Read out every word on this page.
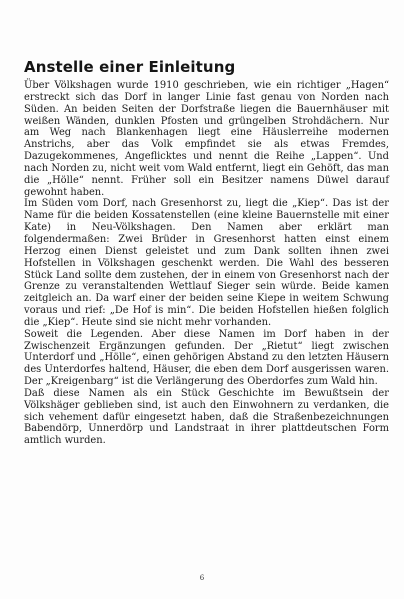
Anstelle einer Einleitung

Über Völkshagen wurde 1910 geschrieben, wie ein richtiger „Hagen“ erstreckt sich das Dorf in langer Linie fast genau von Norden nach Süden. An beiden Seiten der Dorfstraße liegen die Bauernhäuser mit weißen Wänden, dunklen Pfosten und grüngelben Strohdächern. Nur am Weg nach Blankenhagen liegt eine Häuslerreihe modernen Anstrichs, aber das Volk empfindet sie als etwas Fremdes, Dazugekommenes, Angeflicktes und nennt die Reihe „Lappen“. Und nach Norden zu, nicht weit vom Wald entfernt, liegt ein Gehöft, das man die „Hölle“ nennt. Früher soll ein Besitzer namens Düwel darauf gewohnt haben.

Im Süden vom Dorf, nach Gresenhorst zu, liegt die „Kiep“. Das ist der Name für die beiden Kossatenstellen (eine kleine Bauernstelle mit einer Kate) in Neu-Völkshagen. Den Namen aber erklärt man folgendermaßen: Zwei Brüder in Gresenhorst hatten einst einem Herzog einen Dienst geleistet und zum Dank sollten ihnen zwei Hofstellen in Völkshagen geschenkt werden. Die Wahl des besseren Stück Land sollte dem zustehen, der in einem von Gresenhorst nach der Grenze zu veranstaltenden Wettlauf Sieger sein würde. Beide kamen zeitgleich an. Da warf einer der beiden seine Kiepe in weitem Schwung voraus und rief: „De Hof is min“. Die beiden Hofstellen hießen folglich die „Kiep“. Heute sind sie nicht mehr vorhanden.

Soweit die Legenden. Aber diese Namen im Dorf haben in der Zwischenzeit Ergänzungen gefunden. Der „Rietut“ liegt zwischen Unterdorf und „Hölle“, einen gehörigen Abstand zu den letzten Häusern des Unterdorfes haltend, Häuser, die eben dem Dorf ausgerissen waren. Der „Kreigenbarg“ ist die Verlängerung des Oberdorfes zum Wald hin.

Daß diese Namen als ein Stück Geschichte im Bewußtsein der Völkshäger geblieben sind, ist auch den Einwohnern zu verdanken, die sich vehement dafür eingesetzt haben, daß die Straßenbezeichnungen Babendörp, Unnerdörp und Landstraat in ihrer plattdeutschen Form amtlich wurden.

6
